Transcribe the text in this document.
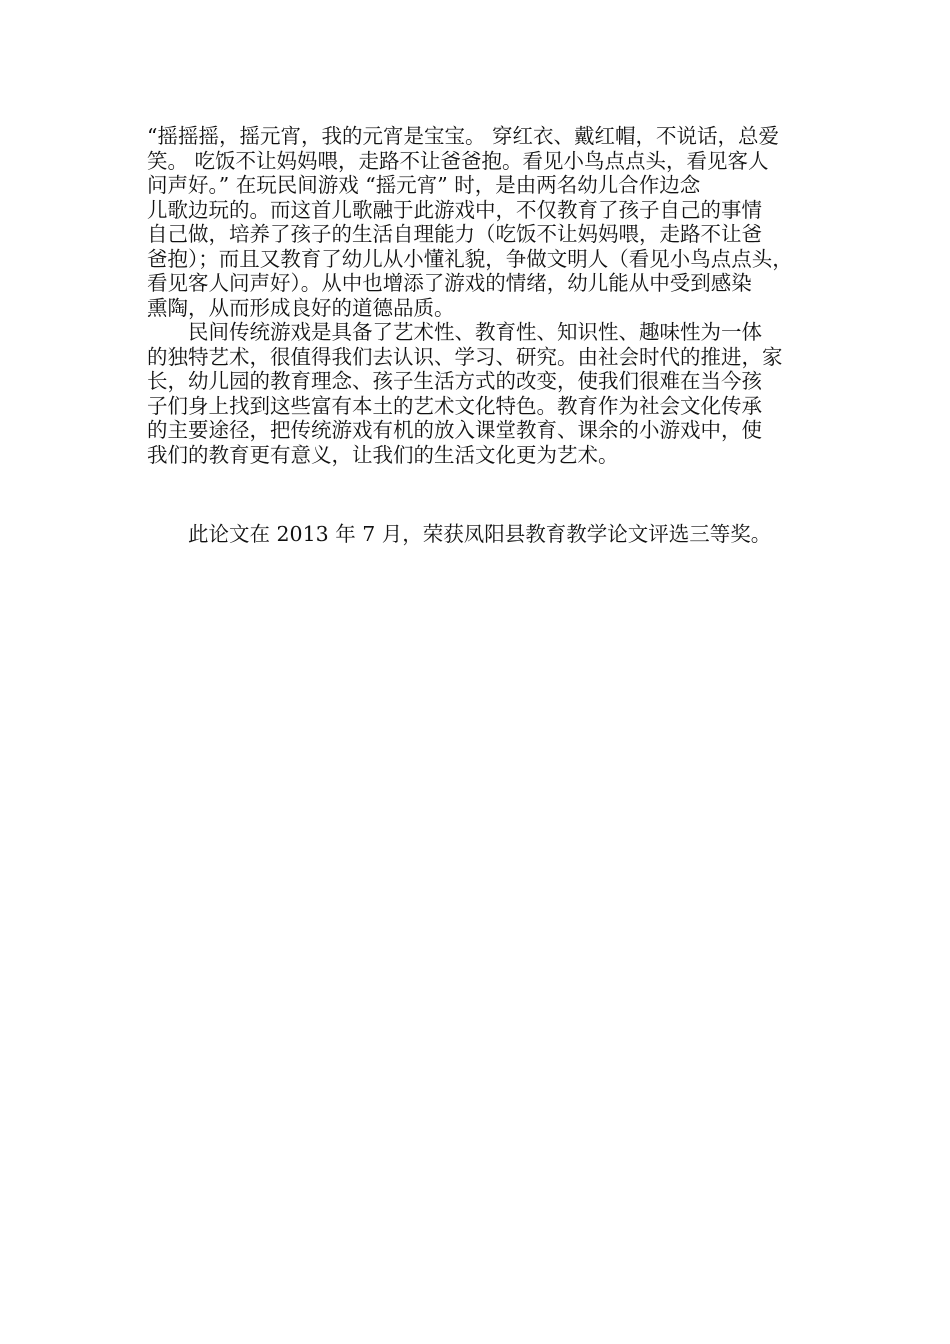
“摇摇摇，摇元宵，我的元宵是宝宝。 穿红衣、戴红帽，不说话，总爱
笑。 吃饭不让妈妈喂，走路不让爸爸抱。看见小鸟点点头，看见客人
问声好。” 在玩民间游戏 “摇元宵” 时，是由两名幼儿合作边念
儿歌边玩的。而这首儿歌融于此游戏中，不仅教育了孩子自己的事情
自己做，培养了孩子的生活自理能力（吃饭不让妈妈喂，走路不让爸
爸抱）；而且又教育了幼儿从小懂礼貌，争做文明人（看见小鸟点点头，
看见客人问声好）。从中也增添了游戏的情绪，幼儿能从中受到感染
熏陶，从而形成良好的道德品质。
　　民间传统游戏是具备了艺术性、教育性、知识性、趣味性为一体
的独特艺术，很值得我们去认识、学习、研究。由社会时代的推进，家
长，幼儿园的教育理念、孩子生活方式的改变，使我们很难在当今孩
子们身上找到这些富有本土的艺术文化特色。教育作为社会文化传承
的主要途径，把传统游戏有机的放入课堂教育、课余的小游戏中，使
我们的教育更有意义，让我们的生活文化更为艺术。
此论文在 2013 年 7 月，荣获凤阳县教育教学论文评选三等奖。
